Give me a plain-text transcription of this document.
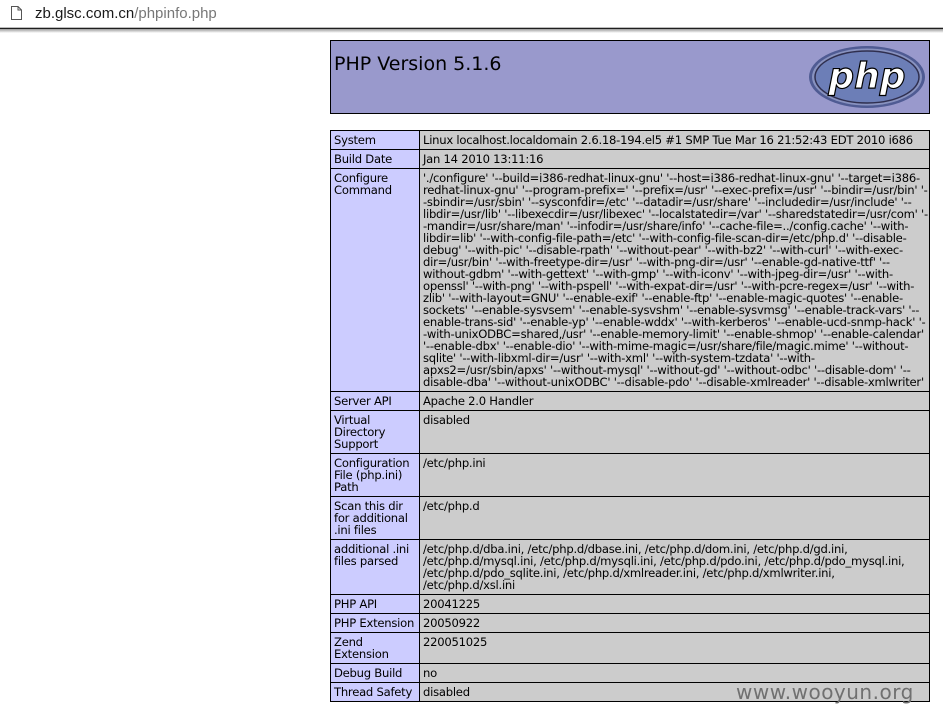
zb.glsc.com.cn/phpinfo.php
PHP Version 5.1.6	php
System	Linux localhost.localdomain 2.6.18-194.el5 #1 SMP Tue Mar 16 21:52:43 EDT 2010 i686
Build Date	Jan 14 2010 13:11:16
Configure Command	'./configure' '--build=i386-redhat-linux-gnu' '--host=i386-redhat-linux-gnu' '--target=i386-redhat-linux-gnu' '--program-prefix=' '--prefix=/usr' '--exec-prefix=/usr' '--bindir=/usr/bin' '--sbindir=/usr/sbin' '--sysconfdir=/etc' '--datadir=/usr/share' '--includedir=/usr/include' '--libdir=/usr/lib' '--libexecdir=/usr/libexec' '--localstatedir=/var' '--sharedstatedir=/usr/com' '--mandir=/usr/share/man' '--infodir=/usr/share/info' '--cache-file=../config.cache' '--with-libdir=lib' '--with-config-file-path=/etc' '--with-config-file-scan-dir=/etc/php.d' '--disable-debug' '--with-pic' '--disable-rpath' '--without-pear' '--with-bz2' '--with-curl' '--with-exec-dir=/usr/bin' '--with-freetype-dir=/usr' '--with-png-dir=/usr' '--enable-gd-native-ttf' '--without-gdbm' '--with-gettext' '--with-gmp' '--with-iconv' '--with-jpeg-dir=/usr' '--with-openssl' '--with-png' '--with-pspell' '--with-expat-dir=/usr' '--with-pcre-regex=/usr' '--with-zlib' '--with-layout=GNU' '--enable-exif' '--enable-ftp' '--enable-magic-quotes' '--enable-sockets' '--enable-sysvsem' '--enable-sysvshm' '--enable-sysvmsg' '--enable-track-vars' '--enable-trans-sid' '--enable-yp' '--enable-wddx' '--with-kerberos' '--enable-ucd-snmp-hack' '--with-unixODBC=shared,/usr' '--enable-memory-limit' '--enable-shmop' '--enable-calendar' '--enable-dbx' '--enable-dio' '--with-mime-magic=/usr/share/file/magic.mime' '--without-sqlite' '--with-libxml-dir=/usr' '--with-xml' '--with-system-tzdata' '--with-apxs2=/usr/sbin/apxs' '--without-mysql' '--without-gd' '--without-odbc' '--disable-dom' '--disable-dba' '--without-unixODBC' '--disable-pdo' '--disable-xmlreader' '--disable-xmlwriter'
Server API	Apache 2.0 Handler
Virtual Directory Support	disabled
Configuration File (php.ini) Path	/etc/php.ini
Scan this dir for additional .ini files	/etc/php.d
additional .ini files parsed	/etc/php.d/dba.ini, /etc/php.d/dbase.ini, /etc/php.d/dom.ini, /etc/php.d/gd.ini, /etc/php.d/mysql.ini, /etc/php.d/mysqli.ini, /etc/php.d/pdo.ini, /etc/php.d/pdo_mysql.ini, /etc/php.d/pdo_sqlite.ini, /etc/php.d/xmlreader.ini, /etc/php.d/xmlwriter.ini, /etc/php.d/xsl.ini
PHP API	20041225
PHP Extension	20050922
Zend Extension	220051025
Debug Build	no
Thread Safety	disabled	www.wooyun.org
